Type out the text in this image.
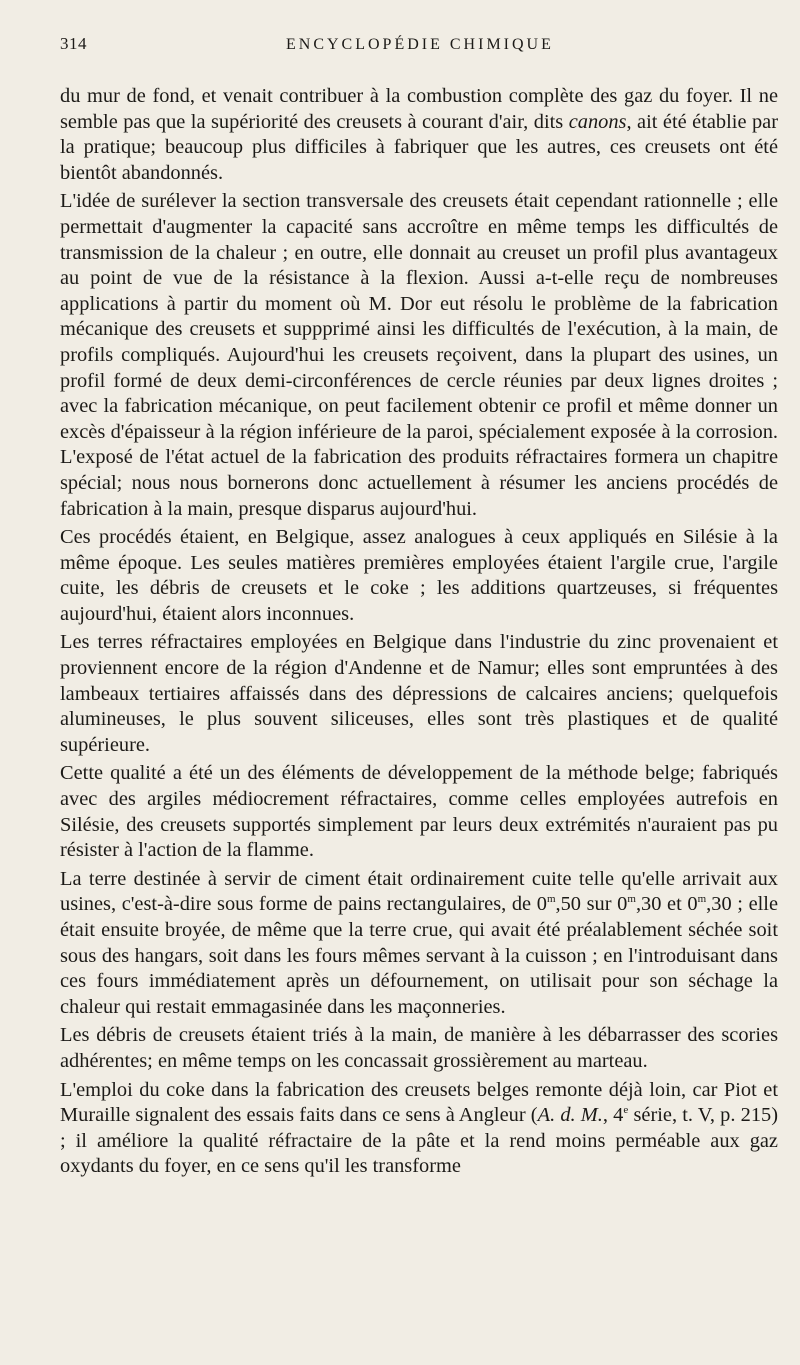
314	ENCYCLOPÉDIE CHIMIQUE

du mur de fond, et venait contribuer à la combustion complète des gaz du foyer. Il ne semble pas que la supériorité des creusets à courant d'air, dits canons, ait été établie par la pratique; beaucoup plus difficiles à fabriquer que les autres, ces creusets ont été bientôt abandonnés.

L'idée de surélever la section transversale des creusets était cependant rationnelle ; elle permettait d'augmenter la capacité sans accroître en même temps les difficultés de transmission de la chaleur ; en outre, elle donnait au creuset un profil plus avantageux au point de vue de la résistance à la flexion. Aussi a-t-elle reçu de nombreuses applications à partir du moment où M. Dor eut résolu le problème de la fabrication mécanique des creusets et suppprimé ainsi les difficultés de l'exécution, à la main, de profils compliqués. Aujourd'hui les creusets reçoivent, dans la plupart des usines, un profil formé de deux demi-circonférences de cercle réunies par deux lignes droites ; avec la fabrication mécanique, on peut facilement obtenir ce profil et même donner un excès d'épaisseur à la région inférieure de la paroi, spécialement exposée à la corrosion. L'exposé de l'état actuel de la fabrication des produits réfractaires formera un chapitre spécial; nous nous bornerons donc actuellement à résumer les anciens procédés de fabrication à la main, presque disparus aujourd'hui.

Ces procédés étaient, en Belgique, assez analogues à ceux appliqués en Silésie à la même époque. Les seules matières premières employées étaient l'argile crue, l'argile cuite, les débris de creusets et le coke ; les additions quartzeuses, si fréquentes aujourd'hui, étaient alors inconnues.

Les terres réfractaires employées en Belgique dans l'industrie du zinc provenaient et proviennent encore de la région d'Andenne et de Namur; elles sont empruntées à des lambeaux tertiaires affaissés dans des dépressions de calcaires anciens; quelquefois alumineuses, le plus souvent siliceuses, elles sont très plastiques et de qualité supérieure.

Cette qualité a été un des éléments de développement de la méthode belge; fabriqués avec des argiles médiocrement réfractaires, comme celles employées autrefois en Silésie, des creusets supportés simplement par leurs deux extrémités n'auraient pas pu résister à l'action de la flamme.

La terre destinée à servir de ciment était ordinairement cuite telle qu'elle arrivait aux usines, c'est-à-dire sous forme de pains rectangulaires, de 0$^m$,50 sur 0$^m$,30 et 0$^m$,30 ; elle était ensuite broyée, de même que la terre crue, qui avait été préalablement séchée soit sous des hangars, soit dans les fours mêmes servant à la cuisson ; en l'introduisant dans ces fours immédiatement après un défournement, on utilisait pour son séchage la chaleur qui restait emmagasinée dans les maçonneries.

Les débris de creusets étaient triés à la main, de manière à les débarrasser des scories adhérentes; en même temps on les concassait grossièrement au marteau.

L'emploi du coke dans la fabrication des creusets belges remonte déjà loin, car Piot et Muraille signalent des essais faits dans ce sens à Angleur (A. d. M., 4e série, t. V, p. 215) ; il améliore la qualité réfractaire de la pâte et la rend moins perméable aux gaz oxydants du foyer, en ce sens qu'il les transforme
